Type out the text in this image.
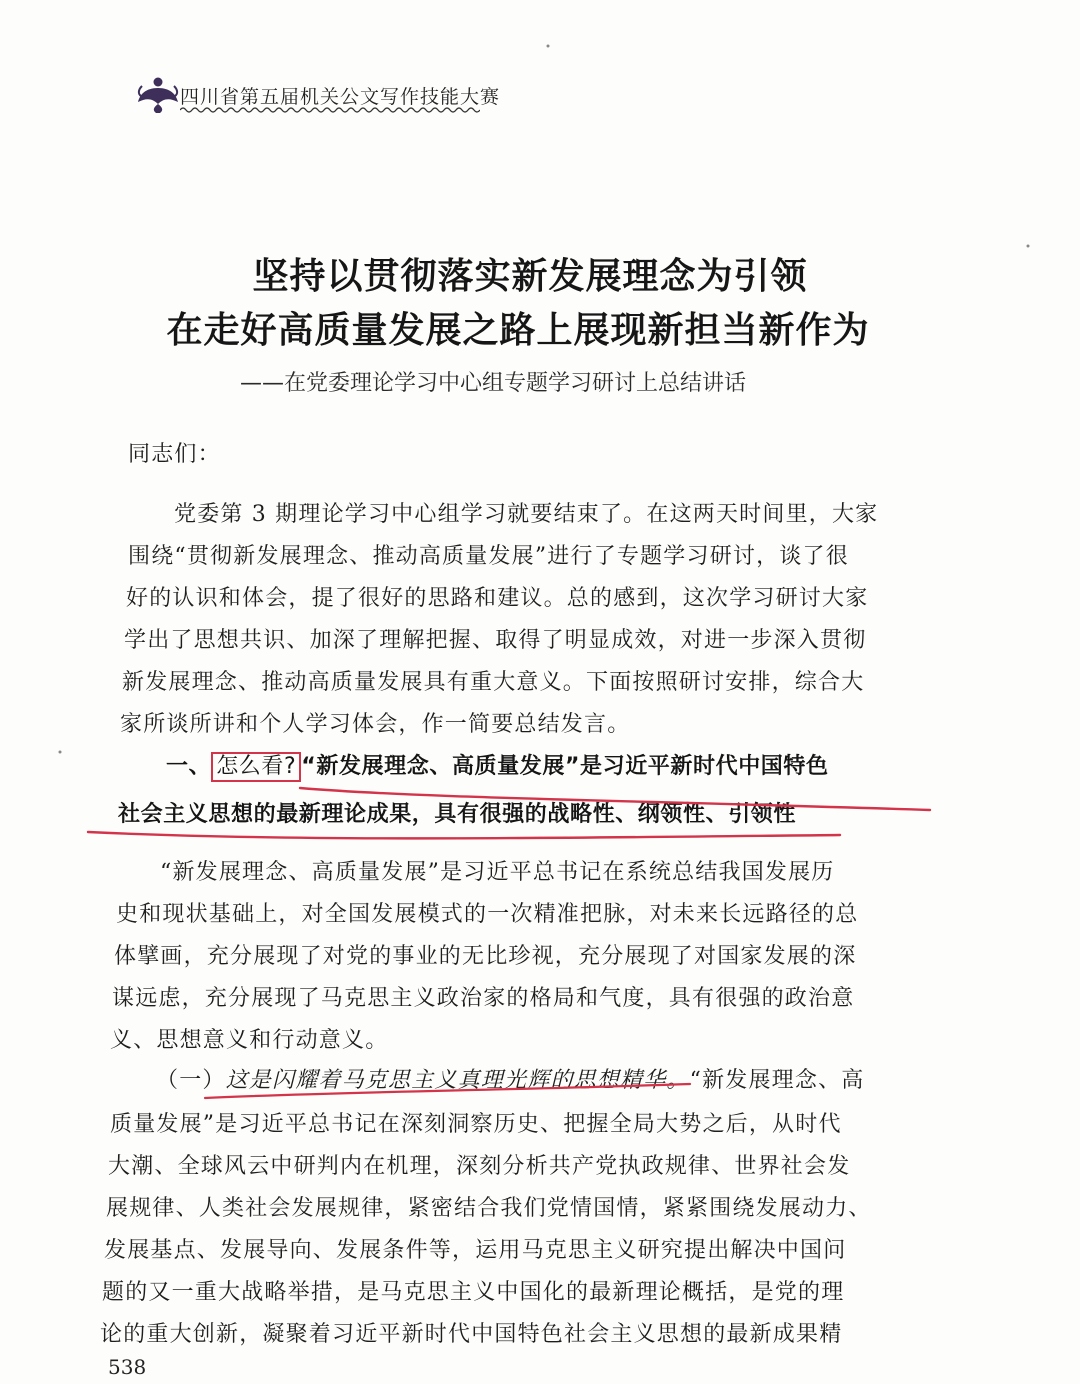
四川省第五届机关公文写作技能大赛
坚持以贯彻落实新发展理念为引领
在走好高质量发展之路上展现新担当新作为
——在党委理论学习中心组专题学习研讨上总结讲话
同志们：
党委第 3 期理论学习中心组学习就要结束了。在这两天时间里，大家
围绕“贯彻新发展理念、推动高质量发展”进行了专题学习研讨，谈了很
好的认识和体会，提了很好的思路和建议。总的感到，这次学习研讨大家
学出了思想共识、加深了理解把握、取得了明显成效，对进一步深入贯彻
新发展理念、推动高质量发展具有重大意义。下面按照研讨安排，综合大
家所谈所讲和个人学习体会，作一简要总结发言。
一、 怎么看? “新发展理念、高质量发展”是习近平新时代中国特色
社会主义思想的最新理论成果，具有很强的战略性、纲领性、引领性
“新发展理念、高质量发展”是习近平总书记在系统总结我国发展历
史和现状基础上，对全国发展模式的一次精准把脉，对未来长远路径的总
体擘画，充分展现了对党的事业的无比珍视，充分展现了对国家发展的深
谋远虑，充分展现了马克思主义政治家的格局和气度，具有很强的政治意
义、思想意义和行动意义。
（一）这是闪耀着马克思主义真理光辉的思想精华。“新发展理念、高
质量发展”是习近平总书记在深刻洞察历史、把握全局大势之后，从时代
大潮、全球风云中研判内在机理，深刻分析共产党执政规律、世界社会发
展规律、人类社会发展规律，紧密结合我们党情国情，紧紧围绕发展动力、
发展基点、发展导向、发展条件等，运用马克思主义研究提出解决中国问
题的又一重大战略举措，是马克思主义中国化的最新理论概括，是党的理
论的重大创新，凝聚着习近平新时代中国特色社会主义思想的最新成果精
538
